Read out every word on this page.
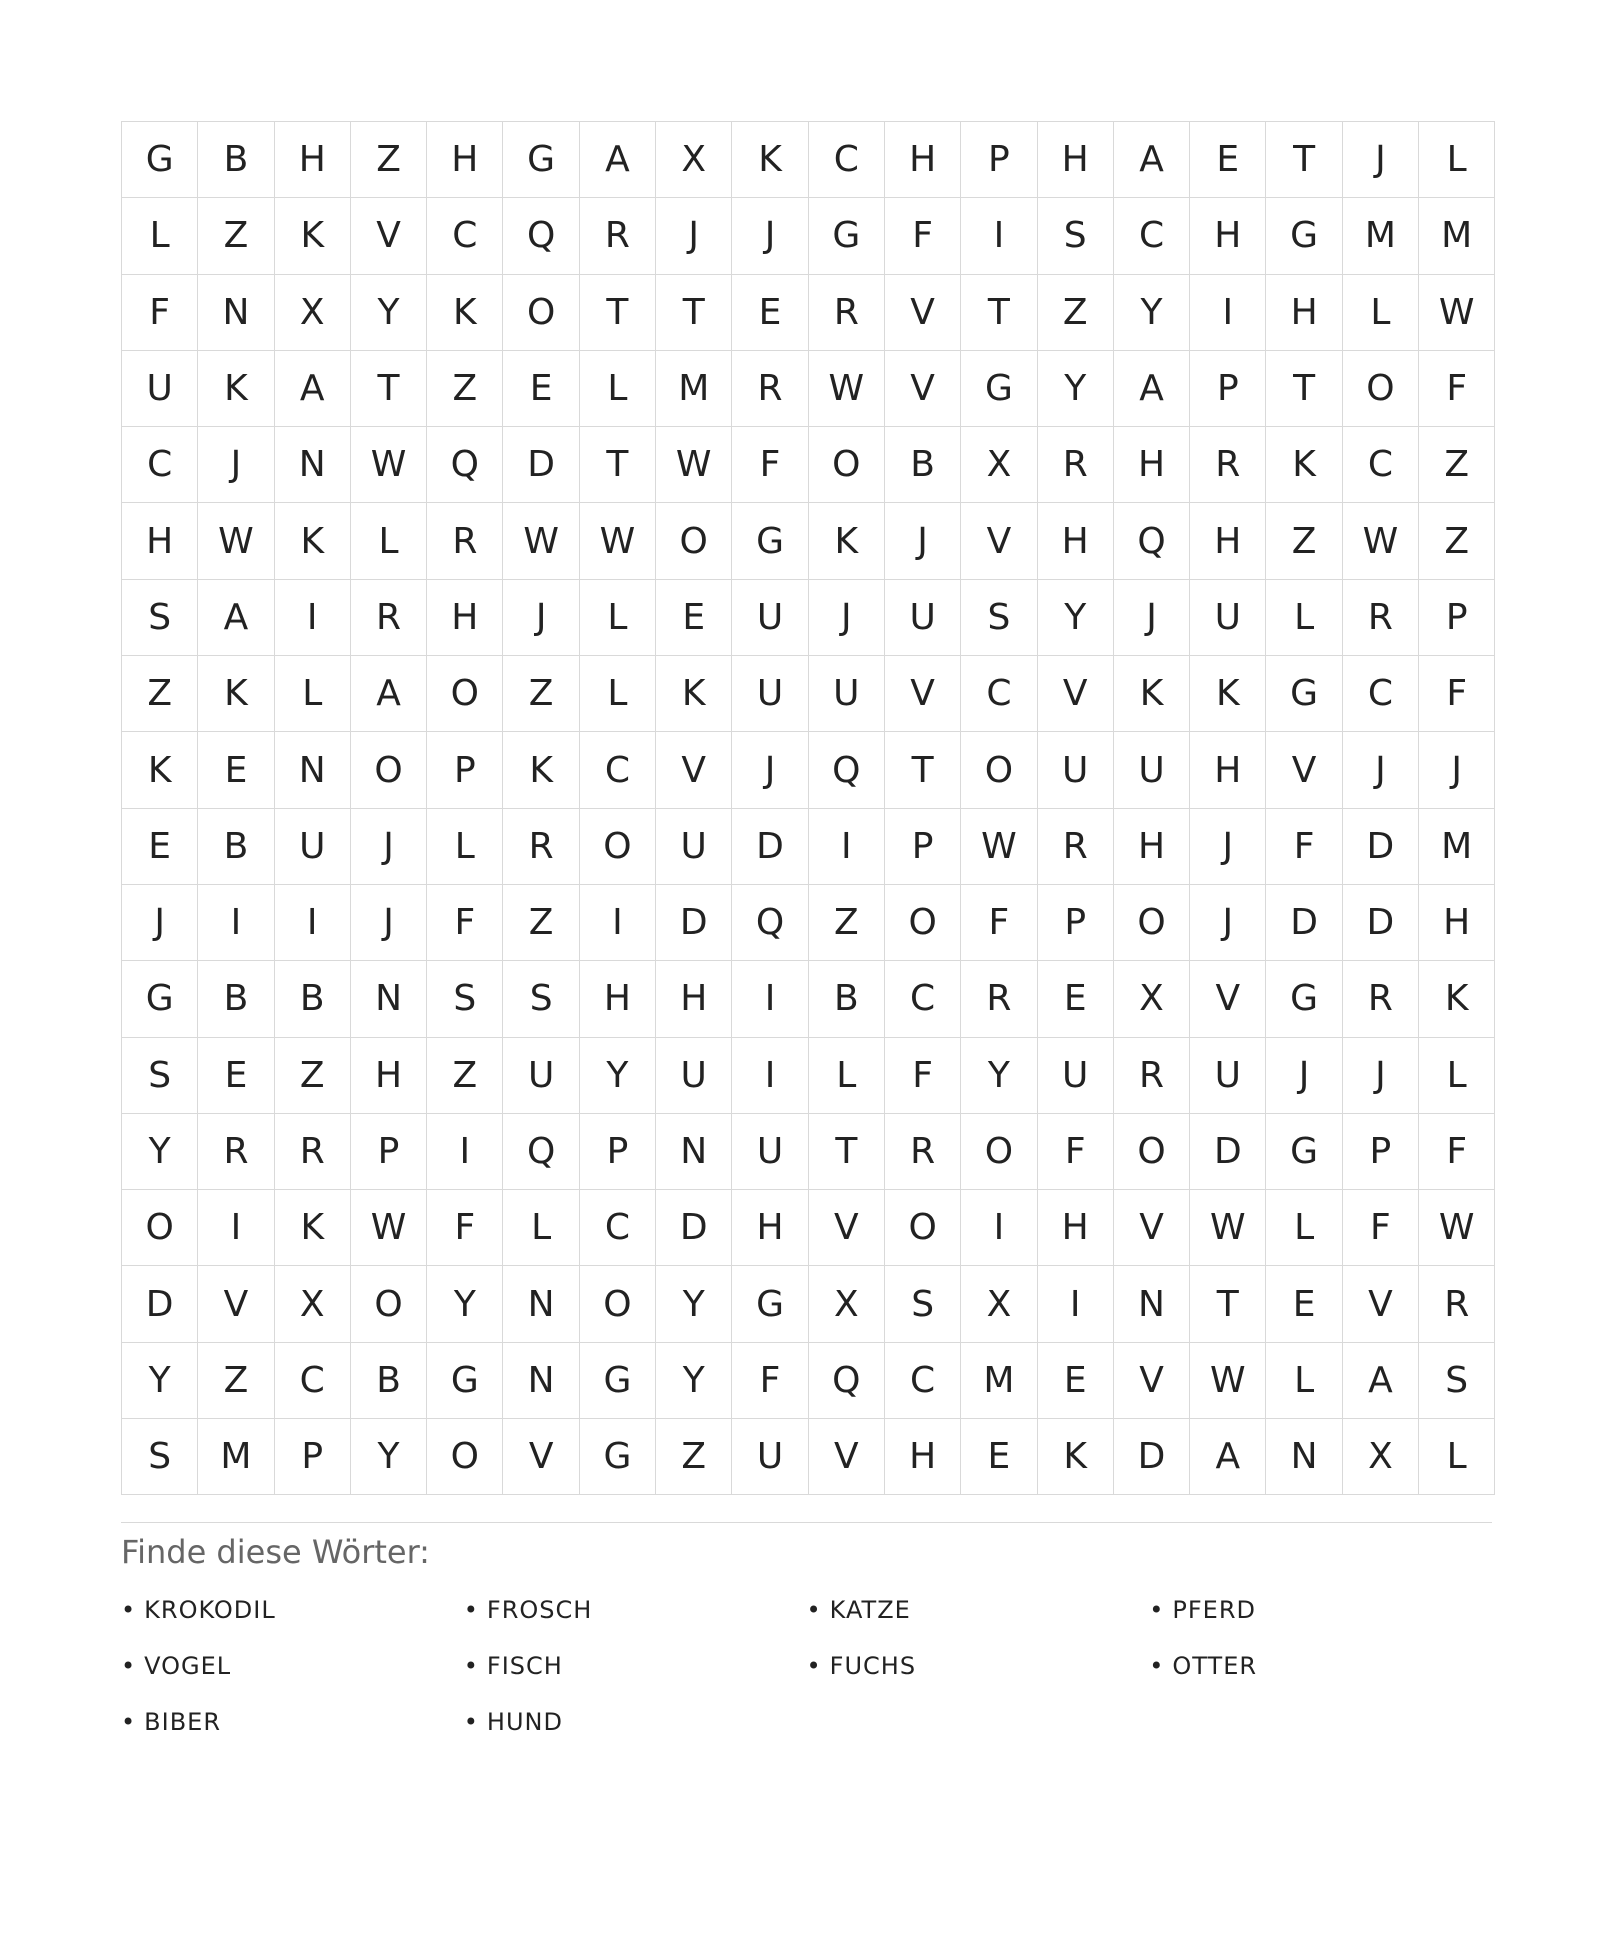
G	B	H	Z	H	G	A	X	K	C	H	P	H	A	E	T	J	L
L	Z	K	V	C	Q	R	J	J	G	F	I	S	C	H	G	M	M
F	N	X	Y	K	O	T	T	E	R	V	T	Z	Y	I	H	L	W
U	K	A	T	Z	E	L	M	R	W	V	G	Y	A	P	T	O	F
C	J	N	W	Q	D	T	W	F	O	B	X	R	H	R	K	C	Z
H	W	K	L	R	W	W	O	G	K	J	V	H	Q	H	Z	W	Z
S	A	I	R	H	J	L	E	U	J	U	S	Y	J	U	L	R	P
Z	K	L	A	O	Z	L	K	U	U	V	C	V	K	K	G	C	F
K	E	N	O	P	K	C	V	J	Q	T	O	U	U	H	V	J	J
E	B	U	J	L	R	O	U	D	I	P	W	R	H	J	F	D	M
J	I	I	J	F	Z	I	D	Q	Z	O	F	P	O	J	D	D	H
G	B	B	N	S	S	H	H	I	B	C	R	E	X	V	G	R	K
S	E	Z	H	Z	U	Y	U	I	L	F	Y	U	R	U	J	J	L
Y	R	R	P	I	Q	P	N	U	T	R	O	F	O	D	G	P	F
O	I	K	W	F	L	C	D	H	V	O	I	H	V	W	L	F	W
D	V	X	O	Y	N	O	Y	G	X	S	X	I	N	T	E	V	R
Y	Z	C	B	G	N	G	Y	F	Q	C	M	E	V	W	L	A	S
S	M	P	Y	O	V	G	Z	U	V	H	E	K	D	A	N	X	L
Finde diese Wörter:
• KROKODIL	• FROSCH	• KATZE	• PFERD
• VOGEL	• FISCH	• FUCHS	• OTTER
• BIBER	• HUND
